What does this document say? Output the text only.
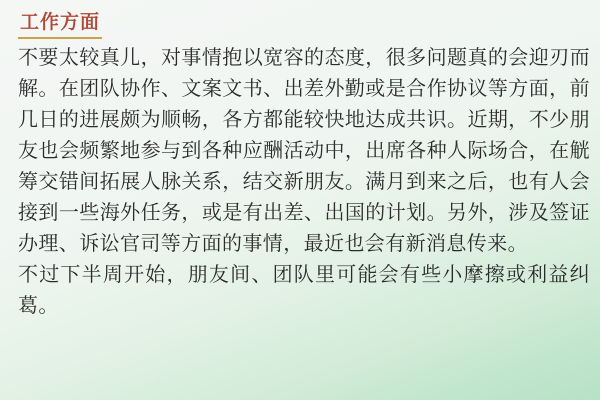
工作方面

不要太较真儿，对事情抱以宽容的态度，很多问题真的会迎刃而解。在团队协作、文案文书、出差外勤或是合作协议等方面，前几日的进展颇为顺畅，各方都能较快地达成共识。近期，不少朋友也会频繁地参与到各种应酬活动中，出席各种人际场合，在觥筹交错间拓展人脉关系，结交新朋友。满月到来之后，也有人会接到一些海外任务，或是有出差、出国的计划。另外，涉及签证办理、诉讼官司等方面的事情，最近也会有新消息传来。

不过下半周开始，朋友间、团队里可能会有些小摩擦或利益纠葛。
